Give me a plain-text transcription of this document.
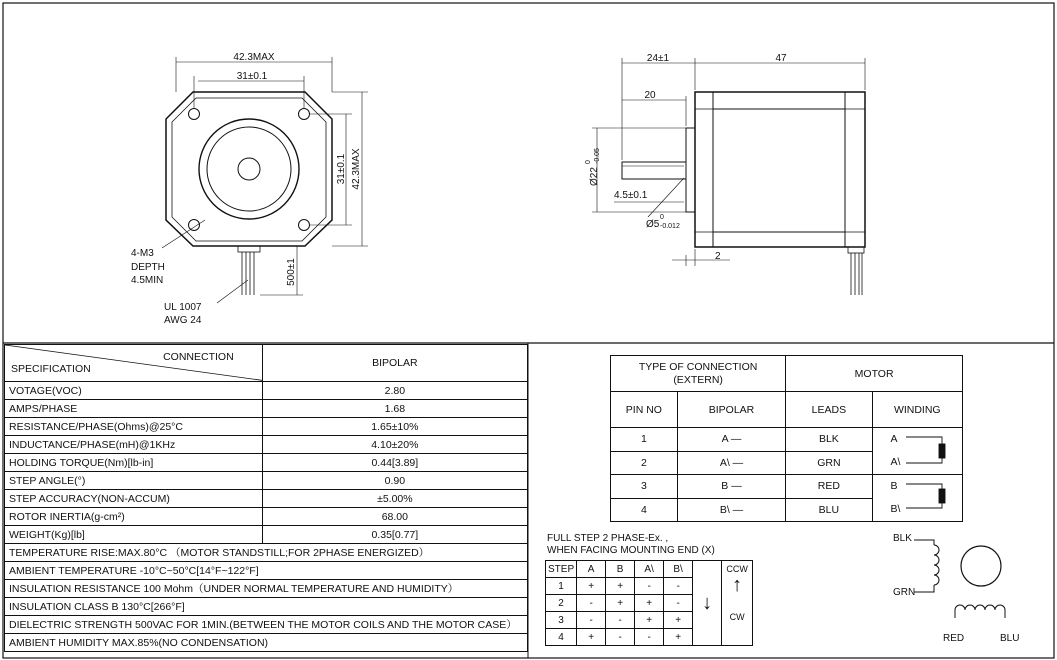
42.3MAX
31±0.1
31±0.1 42.3MAX
500±1
4-M3
DEPTH
4.5MIN
UL 1007
AWG 24
24±1	47
20
Ø22
0 -0.05
4.5±0.1
Ø5
0
-0.012
2
BLK
GRN
RED	BLU
FULL STEP 2 PHASE-Ex. ,
WHEN FACING MOUNTING END (X)
CONNECTION
SPECIFICATION	BIPOLAR
VOTAGE(VOC)	2.80
AMPS/PHASE	1.68
RESISTANCE/PHASE(Ohms)@25°C	1.65±10%
INDUCTANCE/PHASE(mH)@1KHz	4.10±20%
HOLDING TORQUE(Nm)[lb-in]	0.44[3.89]
STEP ANGLE(°)	0.90
STEP ACCURACY(NON-ACCUM)	±5.00%
ROTOR INERTIA(g-cm²)	68.00
WEIGHT(Kg)[lb]	0.35[0.77]
TEMPERATURE RISE:MAX.80°C （MOTOR STANDSTILL;FOR 2PHASE ENERGIZED）	
AMBIENT TEMPERATURE -10°C~50°C[14°F~122°F]	
INSULATION RESISTANCE 100 Mohm（UNDER NORMAL TEMPERATURE AND HUMIDITY）	
INSULATION CLASS B 130°C[266°F]	
DIELECTRIC STRENGTH 500VAC FOR 1MIN.(BETWEEN THE MOTOR COILS AND THE MOTOR CASE）	
AMBIENT HUMIDITY MAX.85%(NO CONDENSATION)	
TYPE OF CONNECTION
(EXTERN)		MOTOR	
PIN NO	BIPOLAR	LEADS	WINDING
1	A —	BLK	A
A\

2	A\ —	GRN	
3	B —	RED	B
B\

4	B\ —	BLU	
STEP	A	B	A\	B\	↓	CCW
↑
CW

1	+	+	-	-		
2	-	+	+	-		
3	-	-	+	+		
4	+	-	-	+		
